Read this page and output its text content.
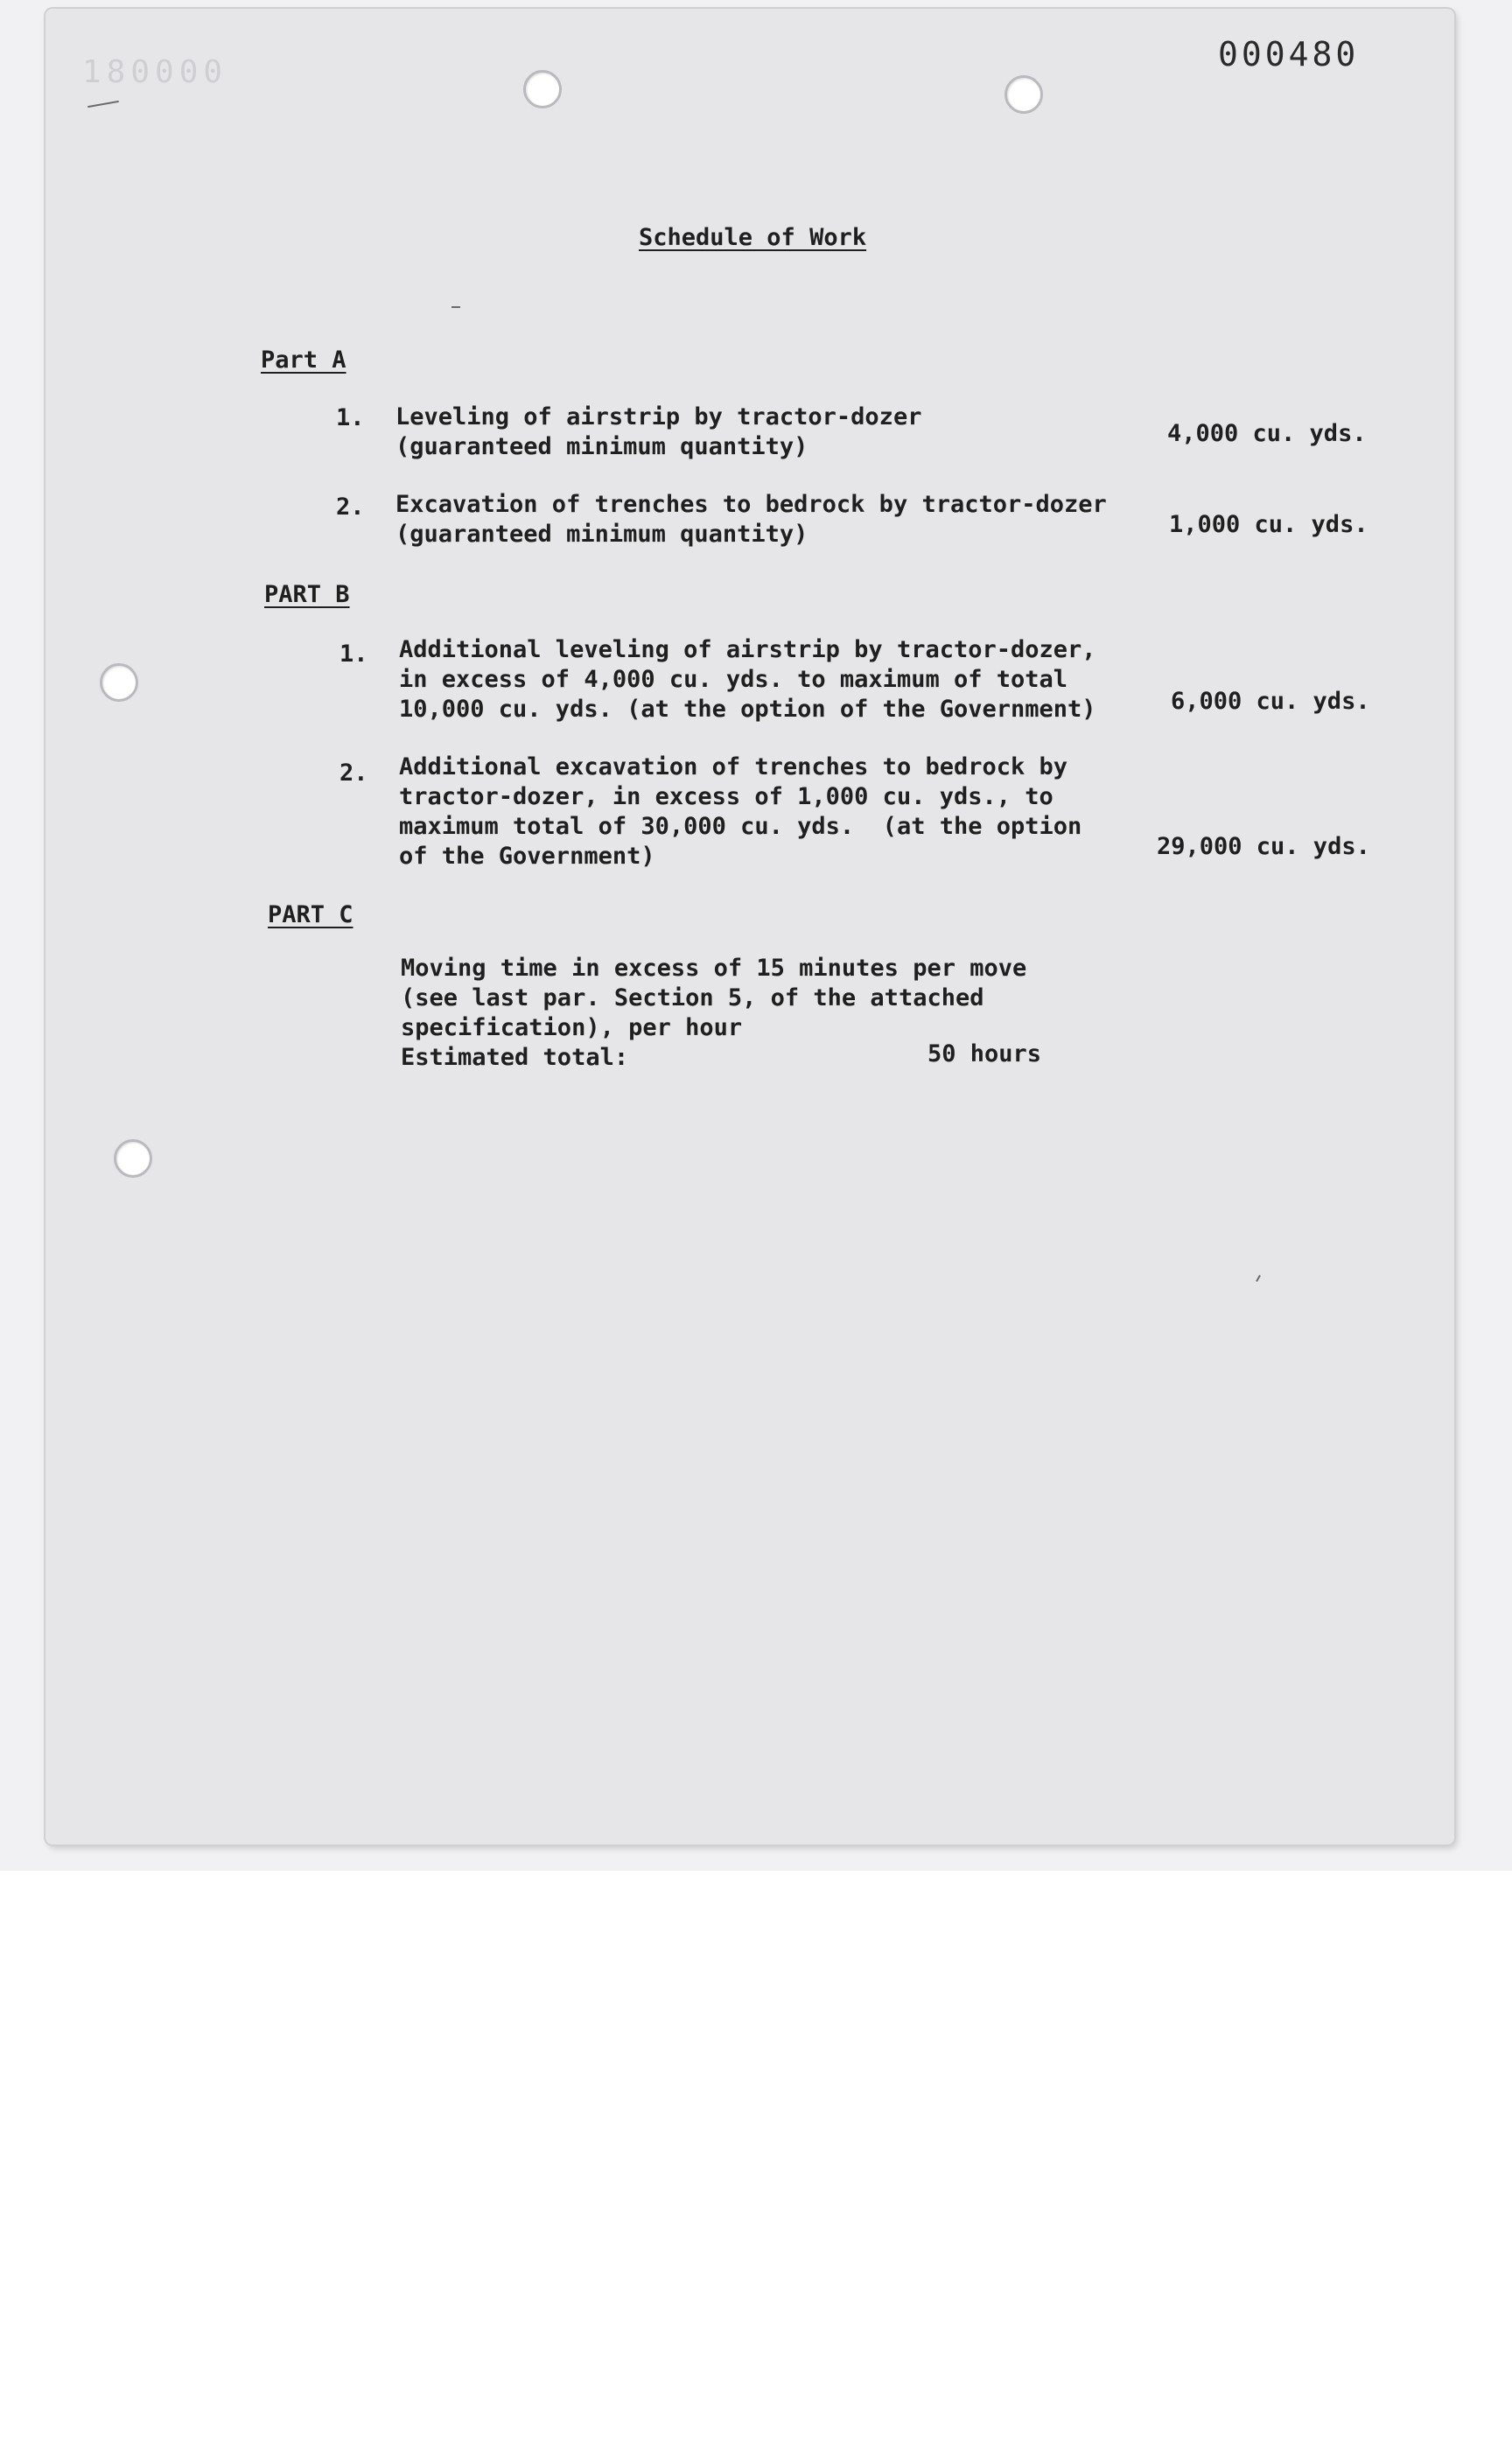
180000	000480
Schedule of Work
Part A
1. Leveling of airstrip by tractor-dozer
(guaranteed minimum quantity)	4,000 cu. yds.
2. Excavation of trenches to bedrock by tractor-dozer
(guaranteed minimum quantity)	1,000 cu. yds.
PART B
1. Additional leveling of airstrip by tractor-dozer,
in excess of 4,000 cu. yds. to maximum of total
10,000 cu. yds. (at the option of the Government)	6,000 cu. yds.
2. Additional excavation of trenches to bedrock by
tractor-dozer, in excess of 1,000 cu. yds., to
maximum total of 30,000 cu. yds.  (at the option
of the Government)	29,000 cu. yds.
PART C
Moving time in excess of 15 minutes per move
(see last par. Section 5, of the attached
specification), per hour
Estimated total:	50 hours
